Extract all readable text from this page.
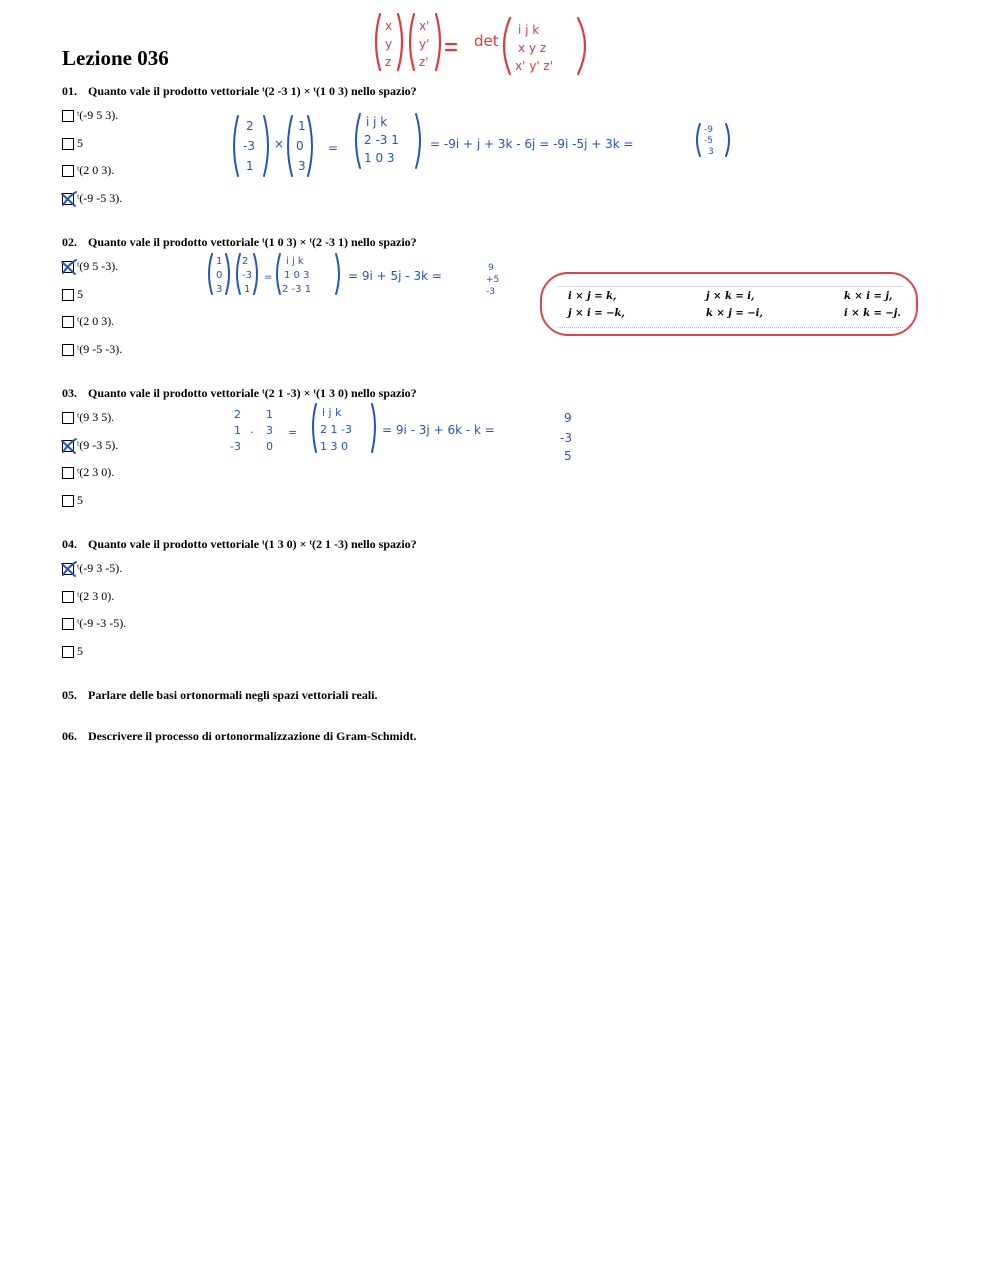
Lezione 036
01. Quanto vale il prodotto vettoriale ᵗ(2 -3 1) × ᵗ(1 0 3) nello spazio?
ᵗ(-9 5 3).
5
ᵗ(2 0 3).
ᵗ(-9 -5 3).
02. Quanto vale il prodotto vettoriale ᵗ(1 0 3) × ᵗ(2 -3 1) nello spazio?
ᵗ(9 5 -3).
5
ᵗ(2 0 3).
ᵗ(9 -5 -3).
03. Quanto vale il prodotto vettoriale ᵗ(2 1 -3) × ᵗ(1 3 0) nello spazio?
ᵗ(9 3 5).
ᵗ(9 -3 5).
ᵗ(2 3 0).
5
04. Quanto vale il prodotto vettoriale ᵗ(1 3 0) × ᵗ(2 1 -3) nello spazio?
ᵗ(-9 3 -5).
ᵗ(2 3 0).
ᵗ(-9 -3 -5).
5
05. Parlare delle basi ortonormali negli spazi vettoriali reali.
06. Descrivere il processo di ortonormalizzazione di Gram-Schmidt.
x
y
z
x'
y'
z'
det
i j k
x y z
x' y' z'
2
-3
1
×
1
0
3
=
i j k
2 -3 1
1 0 3
= -9i + j + 3k - 6j = -9i -5j + 3k =
-9
-5
3
1
0
3
2
-3
1
=
i j k
1 0 3
2 -3 1
= 9i + 5j - 3k =
9
+5
-3
2
1
-3
·
1
3
0
=
i j k
2 1 -3
1 3 0
= 9i - 3j + 6k - k =
9
-3
5
i × j = k,	j × k = i,	k × i = j,
j × i = −k,	k × j = −i,	i × k = −j.
